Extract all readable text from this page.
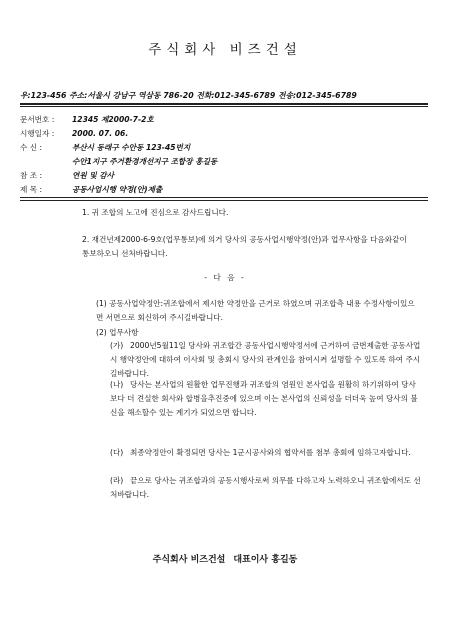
주식회사 비즈건설
우:123-456 주소:서울시 강남구 역삼동 786-20 전화:012-345-6789 전송:012-345-6789
문서번호 : 12345 제2000-7-2호
시행일자 : 2000. 07. 06.
수 신 :	부산시 동래구 수안동 123-45번지
수안1지구 주거환경개선지구 조합장 홍길동
참 조 :	연원 및 감사
제 목 :	공동사업시행 약정(안)제출
1. 귀 조합의 노고에 진심으로 감사드립니다.
2. 재건년제2000-6-9호(업무통보)에 의거 당사의 공동사업시행약정(안)과 업무사항을 다음와같이 통보하오니 선처바랍니다.
- 다 음 -
(1) 공동사업약정안:귀조합에서 제시한 약정안을 근거로 하였으며 귀조합측 내용 수정사항이있으면 서면으로 회신하여 주시길바랍니다.
(2) 업무사항
(가) 2000년5월11일 당사와 귀조합간 공동사업시행약정서에 근거하여 금번제출한 공동사업시 행약정안에 대하여 이사회 및 총회시 당사의 관계인을 참여시켜 설명할 수 있도록 하여 주시길바랍니다.
(나) 당사는 본사업의 원활한 업무진행과 귀조합의 염원인 본사업을 원활히 하기위하여 당사보다 더 견실한 회사와 합병을추진중에 있으며 이는 본사업의 신뢰성을 더더욱 높여 당사의 불신을 해소할수 있는 계기가 되었으면 합니다.
(다) 최종약정안이 확정되면 당사는 1군시공사와의 협약서를 첨부 총회에 임하고자합니다.
(라) 끝으로 당사는 귀조합과의 공동시행사로써 의무를 다하고자 노력하오니 귀조합에서도 선처바랍니다.
주식회사 비즈건설 대표이사 홍길동
